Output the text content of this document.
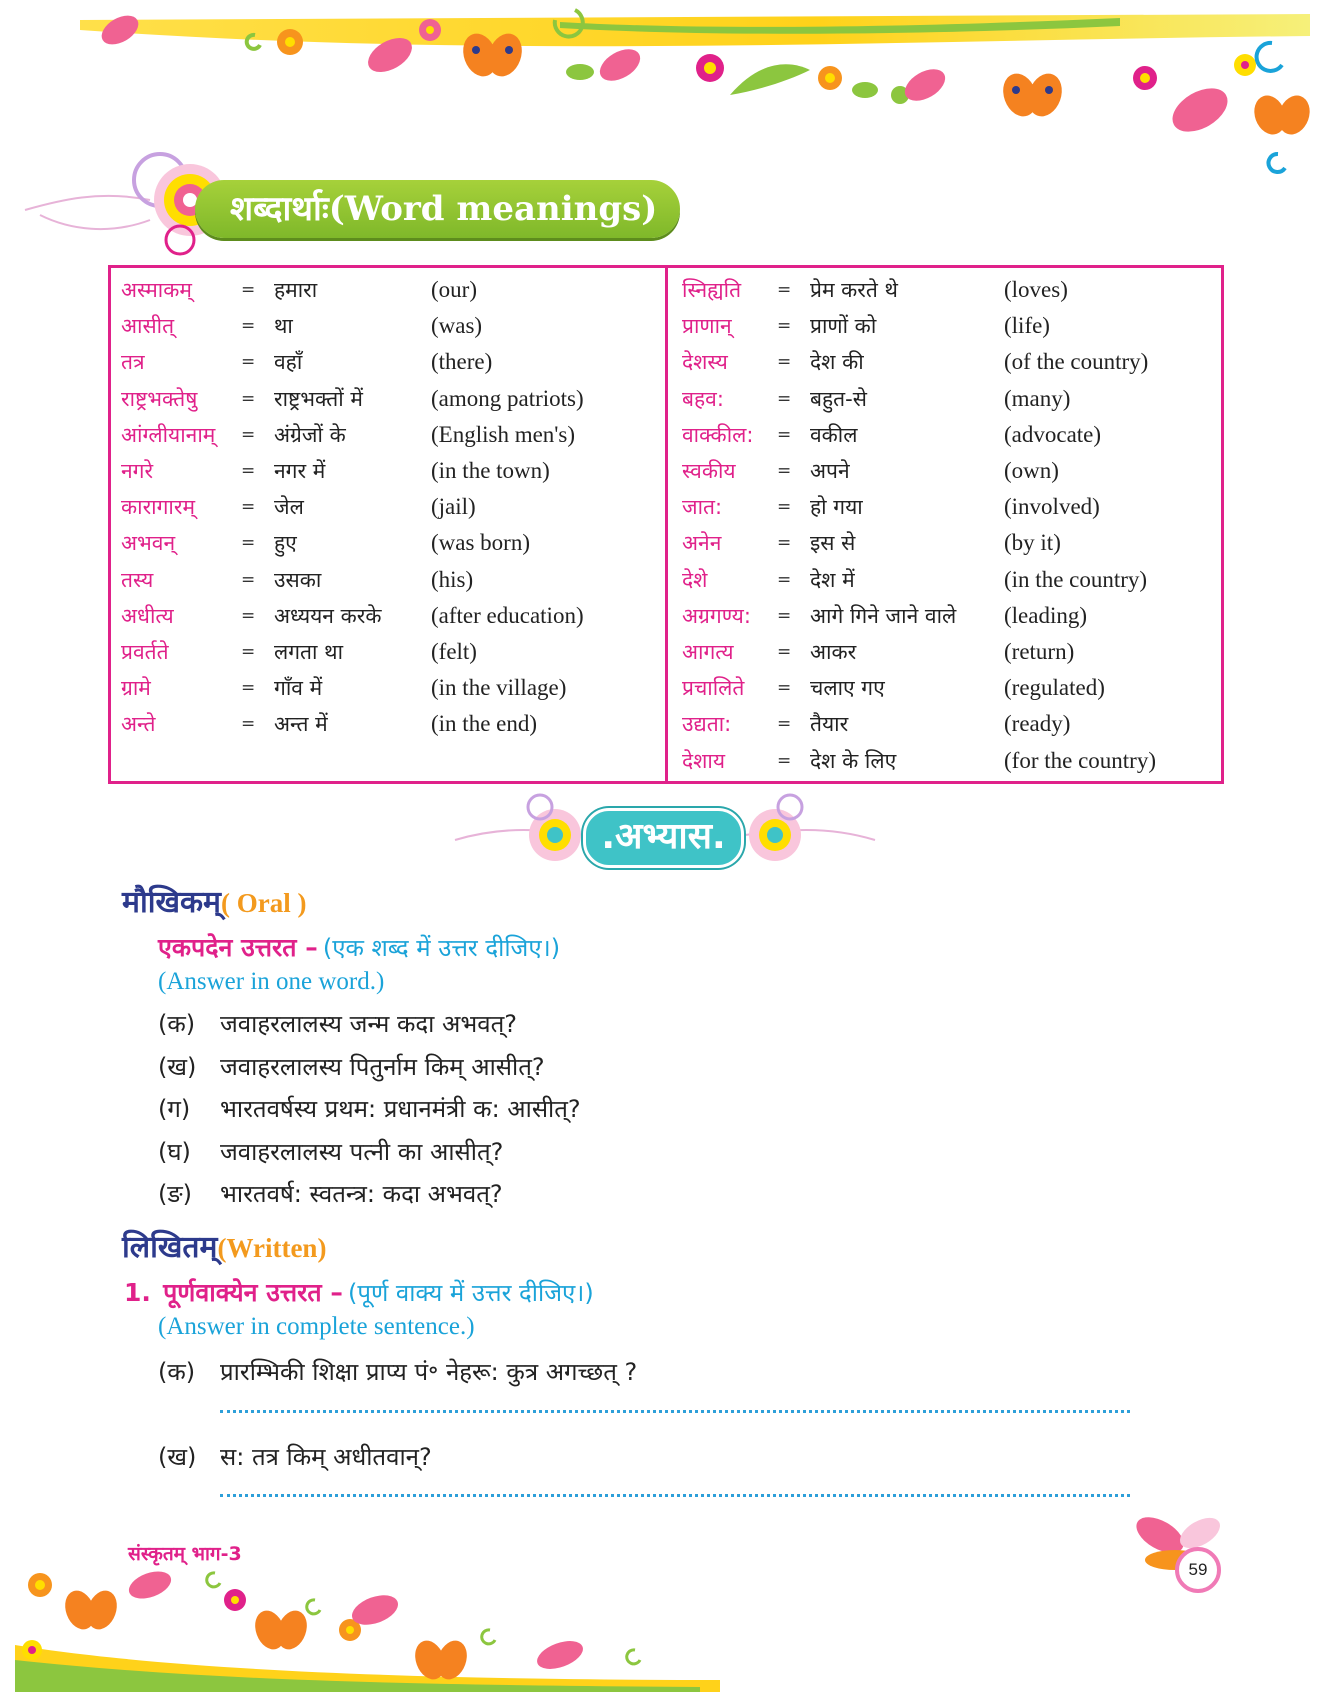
शब्दार्थाः(Word meanings)
अस्माकम्	= हमारा	(our)
आसीत्	= था	(was)
तत्र	= वहाँ	(there)
राष्ट्रभक्तेषु	= राष्ट्रभक्तों में	(among patriots)
आंग्लीयानाम् = अंग्रेजों के	(English men's)
नगरे	= नगर में	(in the town)
कारागारम्	= जेल	(jail)
अभवन्	= हुए	(was born)
तस्य	= उसका	(his)
अधीत्य	= अध्ययन करके (after education)
प्रवर्तते	= लगता था	(felt)
ग्रामे	= गाँव में	(in the village)
अन्ते	= अन्त में	(in the end)
स्निह्यति = प्रेम करते थे	(loves)
प्राणान्	= प्राणों को	(life)
देशस्य	= देश की	(of the country)
बहव:	= बहुत-से	(many)
वाक्कील: = वकील	(advocate)
स्वकीय = अपने	(own)
जात:	= हो गया	(involved)
अनेन	= इस से	(by it)
देशे	= देश में	(in the country)
अग्रगण्य: = आगे गिने जाने वाले (leading)
आगत्य	= आकर	(return)
प्रचालिते = चलाए गए	(regulated)
उद्यता:	= तैयार	(ready)
देशाय	= देश के लिए	(for the country)
.अभ्यास.
मौखिकम्( Oral )
एकपदेन उत्तरत – (एक शब्द में उत्तर दीजिए।)
(Answer in one word.)
(क) जवाहरलालस्य जन्म कदा अभवत्?
(ख) जवाहरलालस्य पितुर्नाम किम् आसीत्?
(ग) भारतवर्षस्य प्रथम: प्रधानमंत्री क: आसीत्?
(घ) जवाहरलालस्य पत्नी का आसीत्?
(ङ) भारतवर्ष: स्वतन्त्र: कदा अभवत्?
लिखितम्(Written)
1. पूर्णवाक्येन उत्तरत – (पूर्ण वाक्य में उत्तर दीजिए।)
(Answer in complete sentence.)
(क) प्रारम्भिकी शिक्षा प्राप्य पं॰ नेहरू: कुत्र अगच्छत् ?
(ख) स: तत्र किम् अधीतवान्?
संस्कृतम् भाग-3
59
